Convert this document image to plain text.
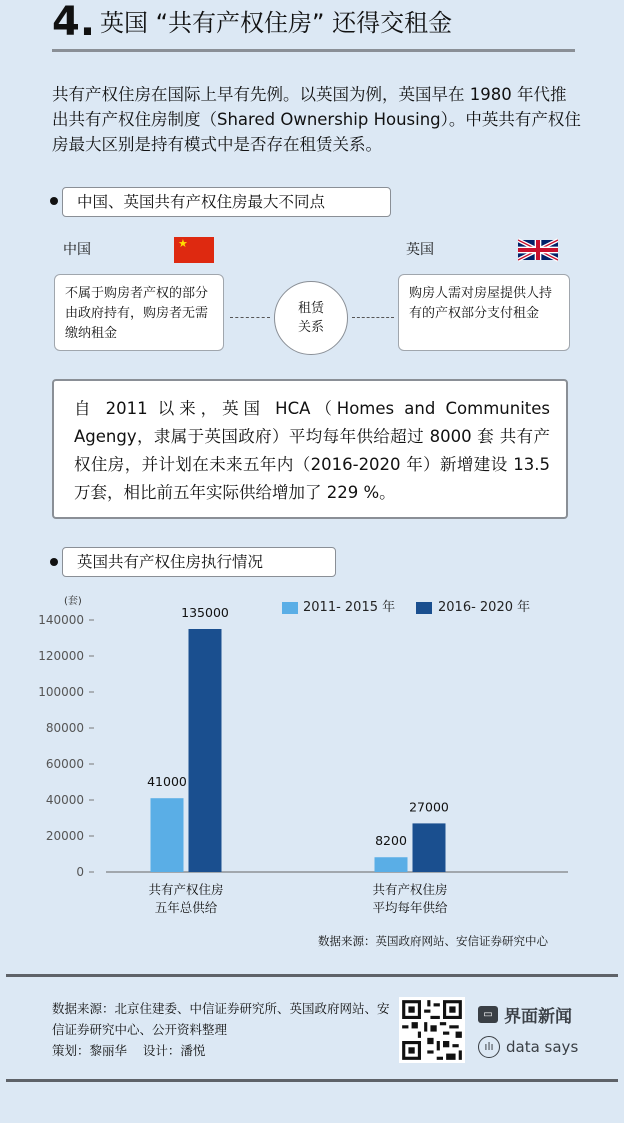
4. 英国 “共有产权住房” 还得交租金
共有产权住房在国际上早有先例。以英国为例，英国早在 1980 年代推出共有产权住房制度（Shared Ownership Housing）。中英共有产权住房最大区别是持有模式中是否存在租赁关系。
中国、英国共有产权住房最大不同点
中国	★	英国
不属于购房者产权的部分由政府持有，购房者无需缴纳租金
租赁关系
购房人需对房屋提供人持有的产权部分支付租金
自 2011 以来，英国 HCA（Homes and Communites Agengy，隶属于英国政府）平均每年供给超过 8000 套 共有产权住房，并计划在未来五年内（2016-2020 年）新增建设 13.5 万套，相比前五年实际供给增加了 229 %。
英国共有产权住房执行情况
2011- 2015 年	2016- 2020 年
(套)
0
20000
40000
60000
80000
100000
120000
140000
41000
8200
135000
27000
共有产权住房
五年总供给
共有产权住房
平均每年供给
数据来源：英国政府网站、安信证券研究中心
数据来源：北京住建委、中信证券研究所、英国政府网站、安信证券研究中心、公开资料整理
策划：黎丽华    设计：潘悦
▭ 界面新闻
ılı data says
